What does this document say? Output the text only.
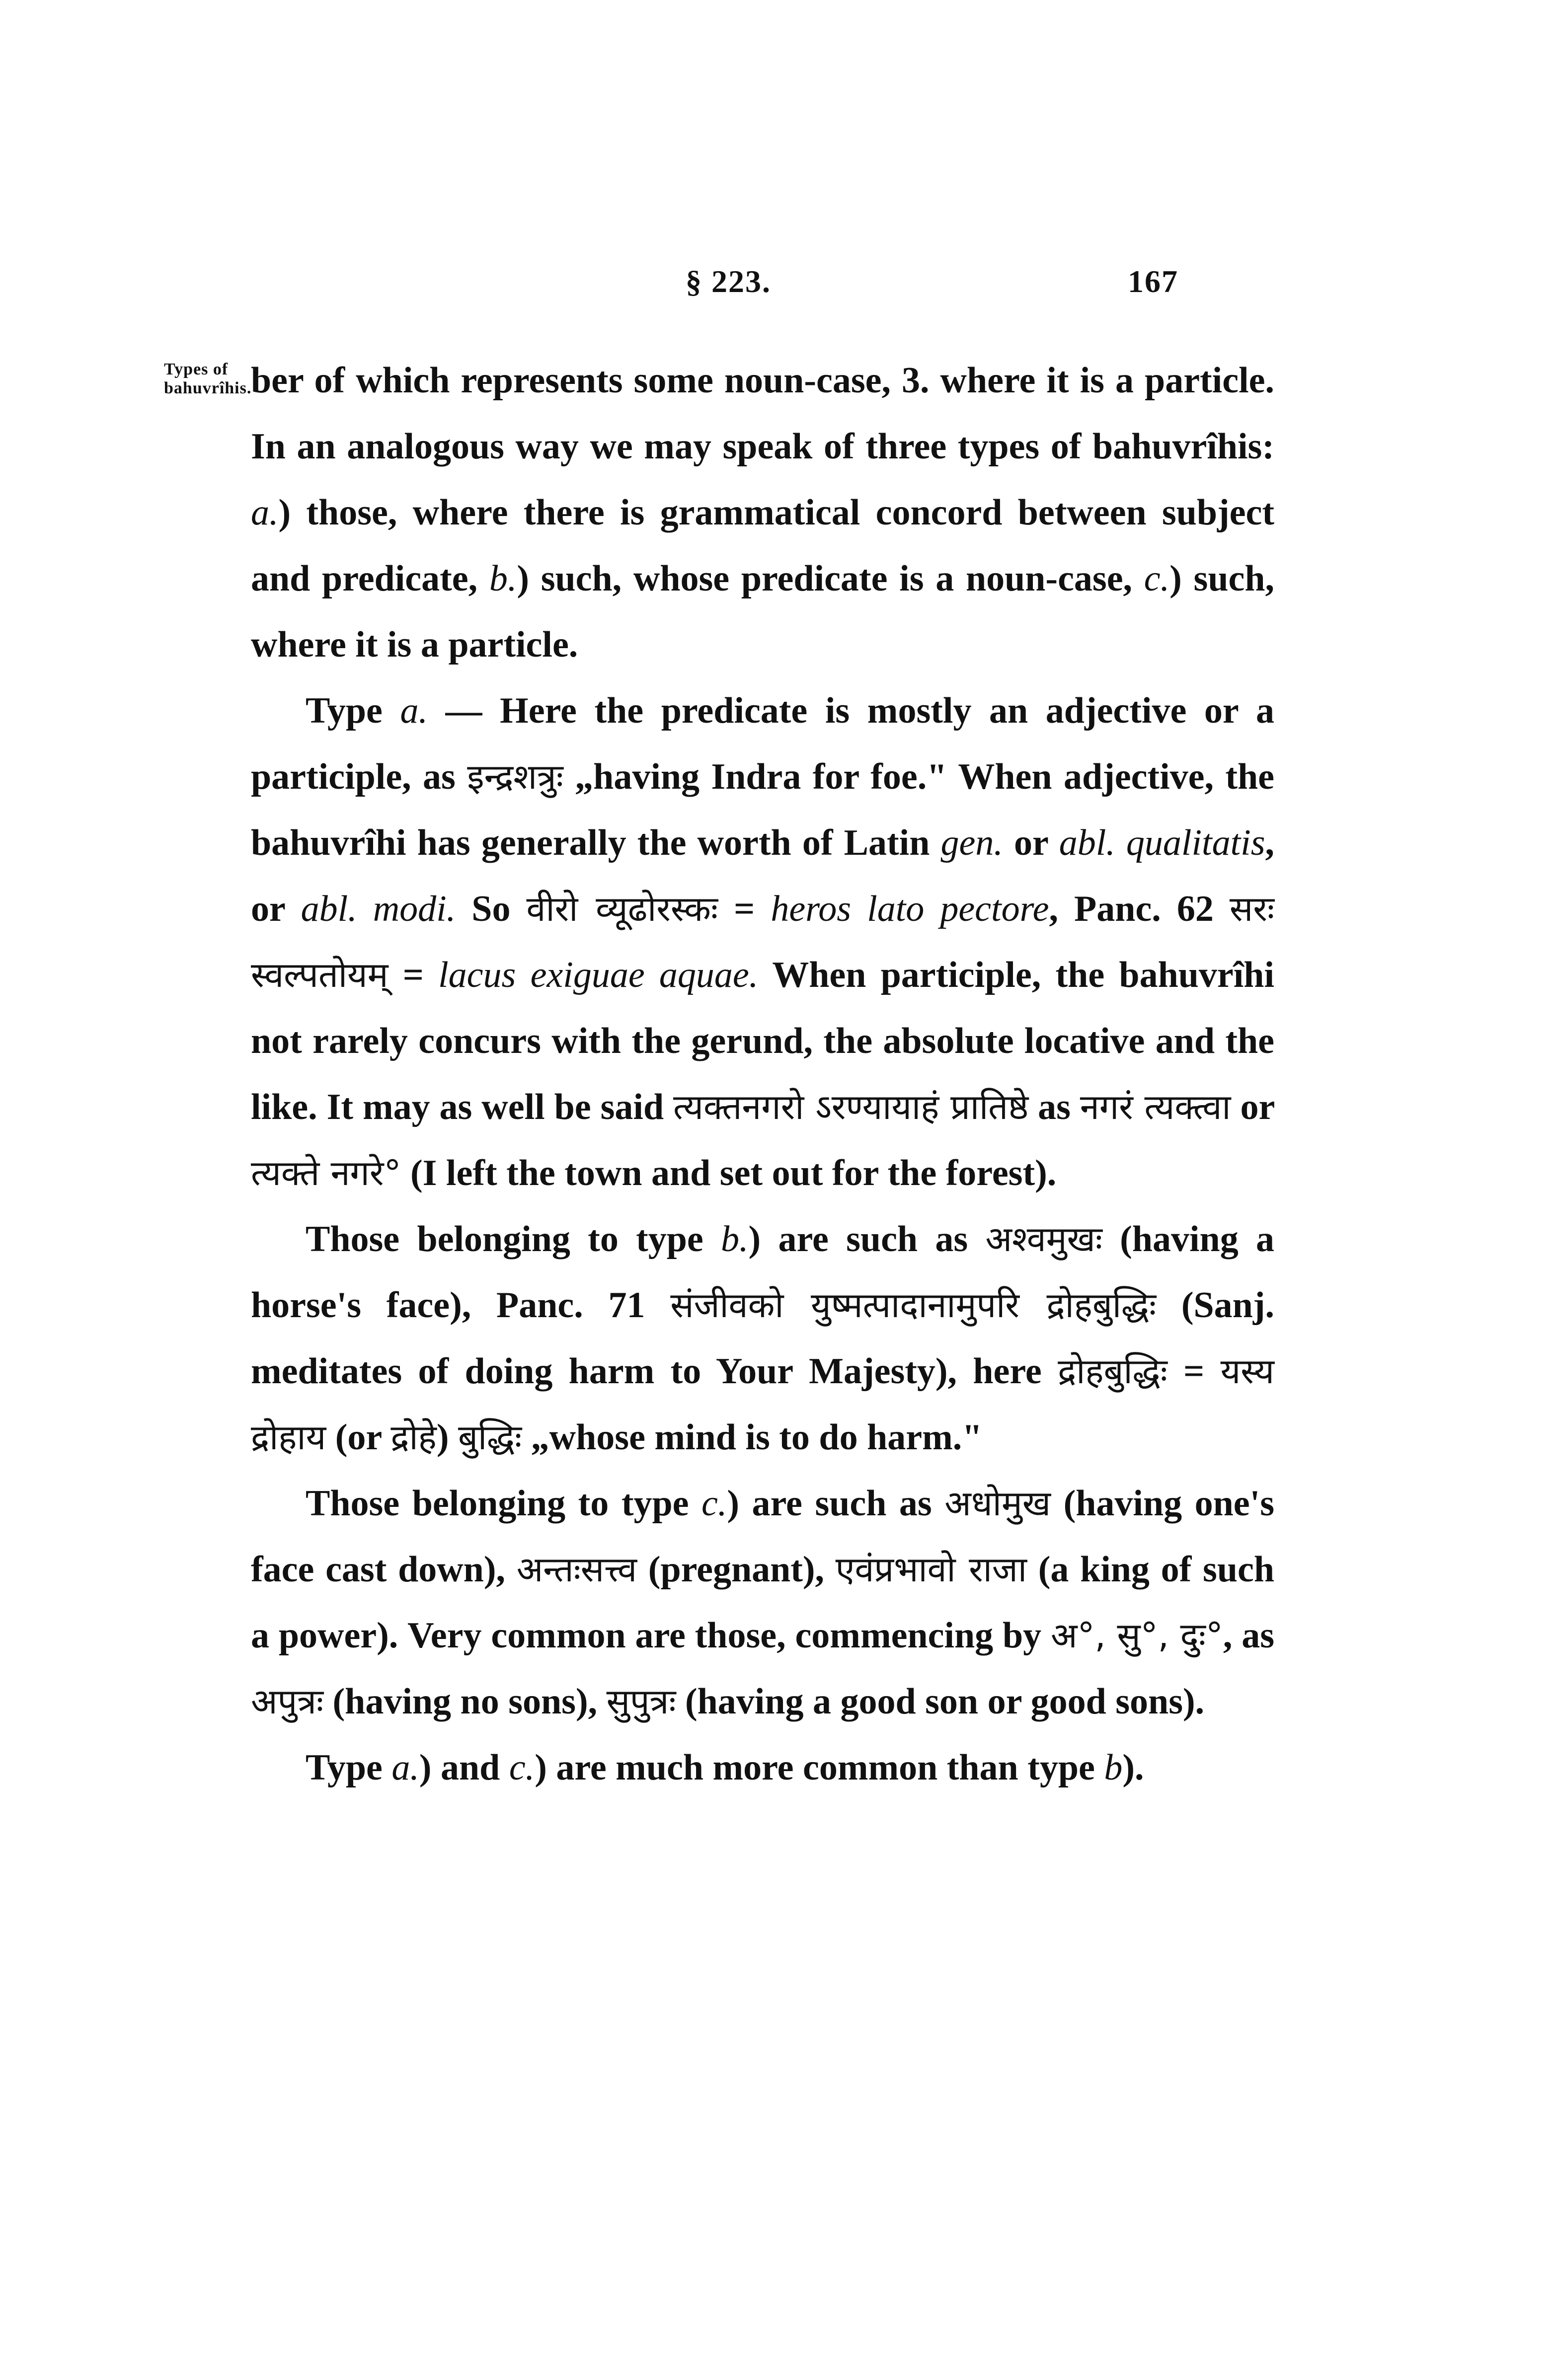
§ 223.	167
Types of bahuvrîhis.

ber of which represents some noun-case, 3. where it is a particle. In an analogous way we may speak of three types of bahuvrîhis: a.) those, where there is grammatical concord between subject and predicate, b.) such, whose predicate is a noun-case, c.) such, where it is a particle.

Type a. — Here the predicate is mostly an adjective or a participle, as इन्द्रशत्रुः „having Indra for foe." When adjective, the bahuvrîhi has generally the worth of Latin gen. or abl. qualitatis, or abl. modi. So वीरो व्यूढोरस्कः = heros lato pectore, Panc. 62 सरः स्वल्पतोयम् = lacus exiguae aquae. When participle, the bahuvrîhi not rarely concurs with the gerund, the absolute locative and the like. It may as well be said त्यक्तनगरो ऽरण्यायाहं प्रातिष्ठे as नगरं त्यक्त्वा or त्यक्ते नगरे° (I left the town and set out for the forest).

Those belonging to type b.) are such as अश्वमुखः (having a horse's face), Panc. 71 संजीवको युष्मत्पादानामुपरि द्रोहबुद्धिः (Sanj. meditates of doing harm to Your Majesty), here द्रोहबुद्धिः = यस्य द्रोहाय (or द्रोहे) बुद्धिः „whose mind is to do harm."

Those belonging to type c.) are such as अधोमुख (having one's face cast down), अन्तःसत्त्व (pregnant), एवंप्रभावो राजा (a king of such a power). Very common are those, commencing by अ°, सु°, दुः°, as अपुत्रः (having no sons), सुपुत्रः (having a good son or good sons).

Type a.) and c.) are much more common than type b).
